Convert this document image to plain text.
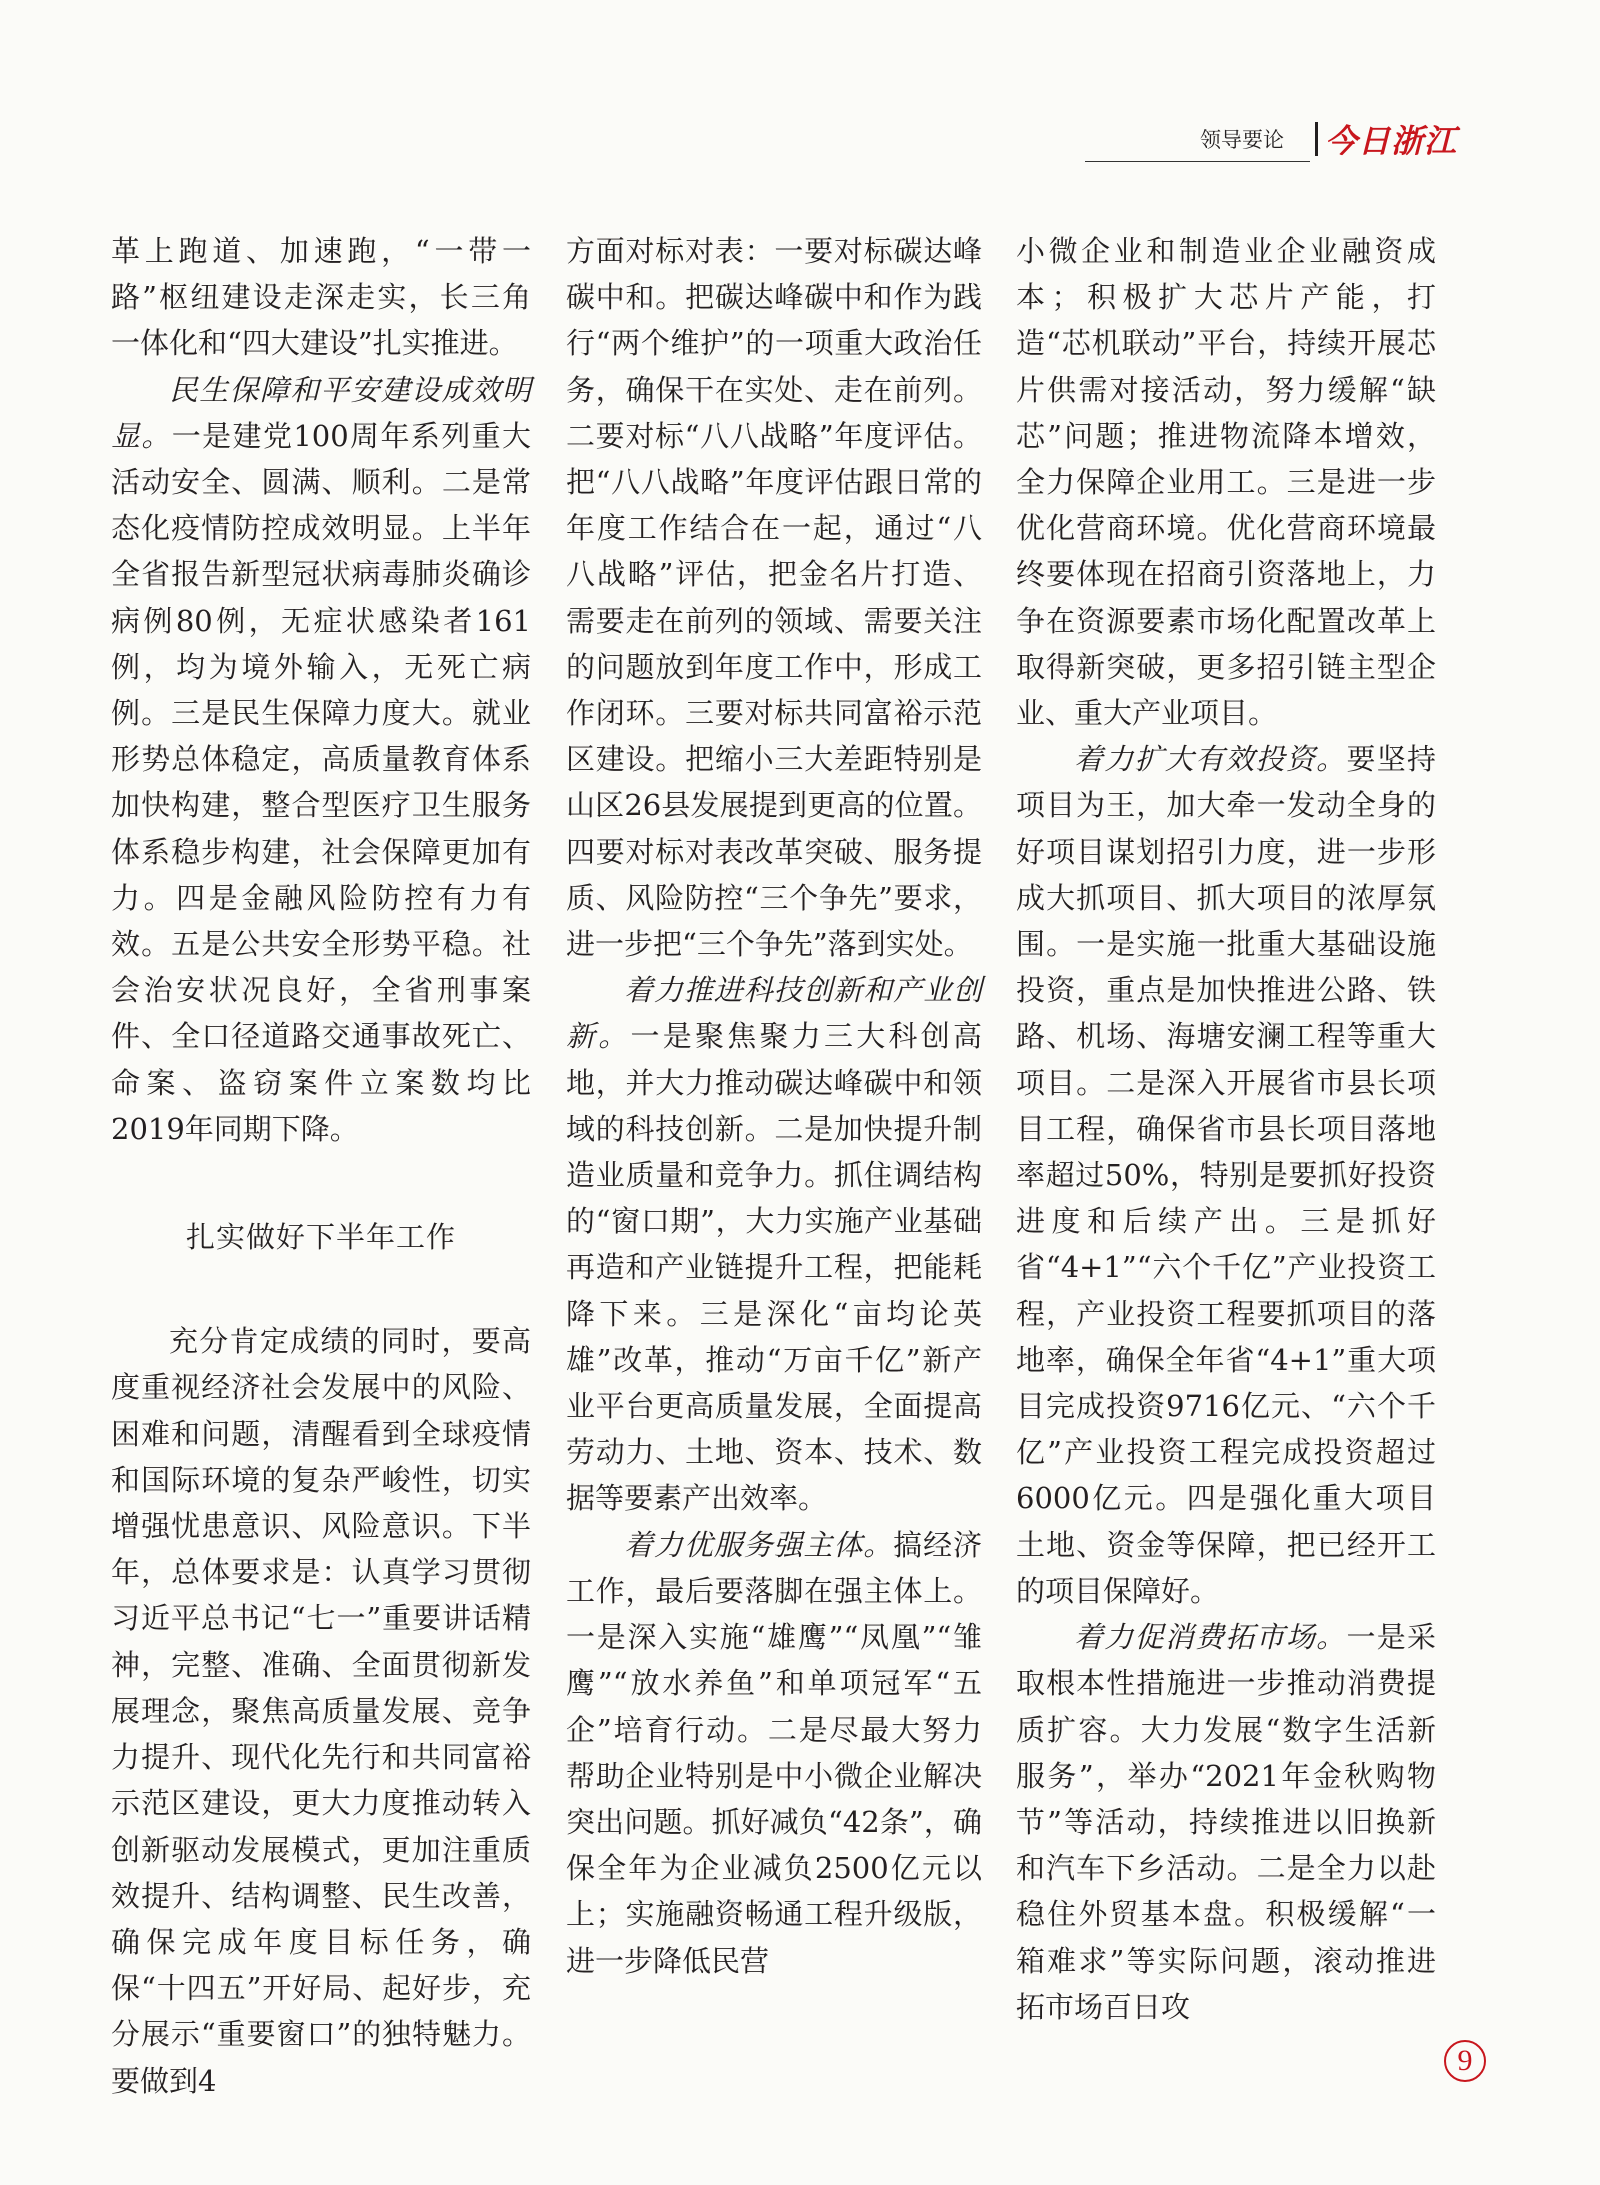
领导要论 今日浙江

革上跑道、加速跑，“一带一路”枢纽建设走深走实，长三角一体化和“四大建设”扎实推进。

民生保障和平安建设成效明显。一是建党100周年系列重大活动安全、圆满、顺利。二是常态化疫情防控成效明显。上半年全省报告新型冠状病毒肺炎确诊病例80例，无症状感染者161例，均为境外输入，无死亡病例。三是民生保障力度大。就业形势总体稳定，高质量教育体系加快构建，整合型医疗卫生服务体系稳步构建，社会保障更加有力。四是金融风险防控有力有效。五是公共安全形势平稳。社会治安状况良好，全省刑事案件、全口径道路交通事故死亡、命案、盗窃案件立案数均比2019年同期下降。

扎实做好下半年工作

充分肯定成绩的同时，要高度重视经济社会发展中的风险、困难和问题，清醒看到全球疫情和国际环境的复杂严峻性，切实增强忧患意识、风险意识。下半年，总体要求是：认真学习贯彻习近平总书记“七一”重要讲话精神，完整、准确、全面贯彻新发展理念，聚焦高质量发展、竞争力提升、现代化先行和共同富裕示范区建设，更大力度推动转入创新驱动发展模式，更加注重质效提升、结构调整、民生改善，确保完成年度目标任务，确保“十四五”开好局、起好步，充分展示“重要窗口”的独特魅力。要做到4

方面对标对表：一要对标碳达峰碳中和。把碳达峰碳中和作为践行“两个维护”的一项重大政治任务，确保干在实处、走在前列。二要对标“八八战略”年度评估。把“八八战略”年度评估跟日常的年度工作结合在一起，通过“八八战略”评估，把金名片打造、需要走在前列的领域、需要关注的问题放到年度工作中，形成工作闭环。三要对标共同富裕示范区建设。把缩小三大差距特别是山区26县发展提到更高的位置。四要对标对表改革突破、服务提质、风险防控“三个争先”要求，进一步把“三个争先”落到实处。

着力推进科技创新和产业创新。一是聚焦聚力三大科创高地，并大力推动碳达峰碳中和领域的科技创新。二是加快提升制造业质量和竞争力。抓住调结构的“窗口期”，大力实施产业基础再造和产业链提升工程，把能耗降下来。三是深化“亩均论英雄”改革，推动“万亩千亿”新产业平台更高质量发展，全面提高劳动力、土地、资本、技术、数据等要素产出效率。

着力优服务强主体。搞经济工作，最后要落脚在强主体上。一是深入实施“雄鹰”“凤凰”“雏鹰”“放水养鱼”和单项冠军“五企”培育行动。二是尽最大努力帮助企业特别是中小微企业解决突出问题。抓好减负“42条”，确保全年为企业减负2500亿元以上；实施融资畅通工程升级版，进一步降低民营

小微企业和制造业企业融资成本；积极扩大芯片产能，打造“芯机联动”平台，持续开展芯片供需对接活动，努力缓解“缺芯”问题；推进物流降本增效，全力保障企业用工。三是进一步优化营商环境。优化营商环境最终要体现在招商引资落地上，力争在资源要素市场化配置改革上取得新突破，更多招引链主型企业、重大产业项目。

着力扩大有效投资。要坚持项目为王，加大牵一发动全身的好项目谋划招引力度，进一步形成大抓项目、抓大项目的浓厚氛围。一是实施一批重大基础设施投资，重点是加快推进公路、铁路、机场、海塘安澜工程等重大项目。二是深入开展省市县长项目工程，确保省市县长项目落地率超过50%，特别是要抓好投资进度和后续产出。三是抓好省“4+1”“六个千亿”产业投资工程，产业投资工程要抓项目的落地率，确保全年省“4+1”重大项目完成投资9716亿元、“六个千亿”产业投资工程完成投资超过6000亿元。四是强化重大项目土地、资金等保障，把已经开工的项目保障好。

着力促消费拓市场。一是采取根本性措施进一步推动消费提质扩容。大力发展“数字生活新服务”，举办“2021年金秋购物节”等活动，持续推进以旧换新和汽车下乡活动。二是全力以赴稳住外贸基本盘。积极缓解“一箱难求”等实际问题，滚动推进拓市场百日攻

9
